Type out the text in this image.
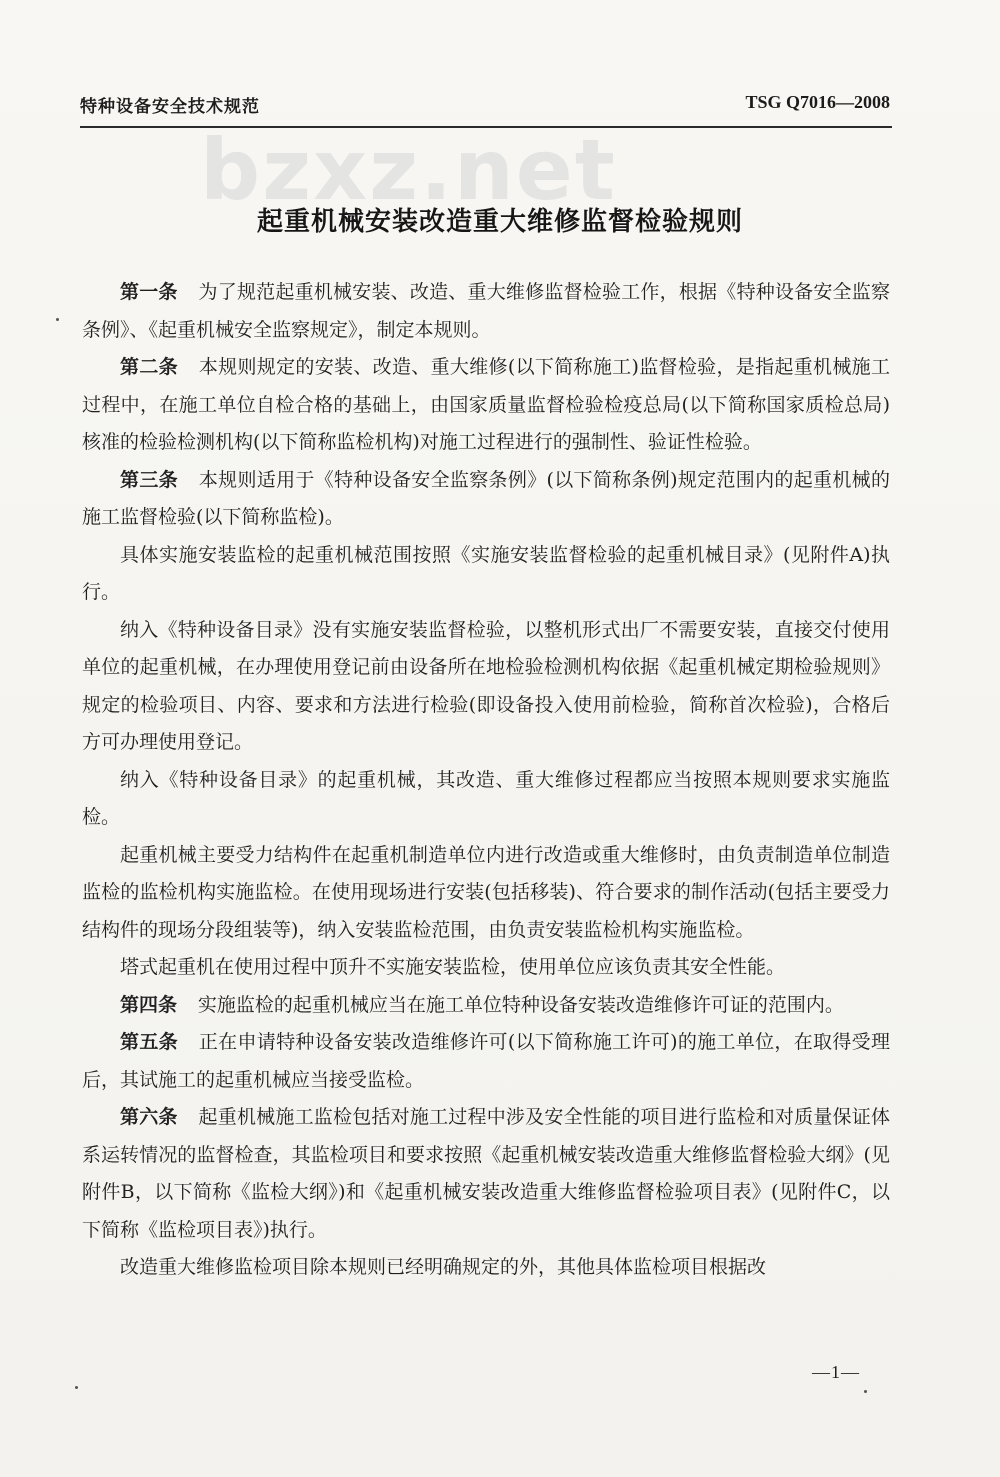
特种设备安全技术规范	TSG Q7016—2008
bzxz.net
起重机械安装改造重大维修监督检验规则

第一条 为了规范起重机械安装、改造、重大维修监督检验工作，根据《特种设备安全监察条例》、《起重机械安全监察规定》，制定本规则。

第二条 本规则规定的安装、改造、重大维修(以下简称施工)监督检验，是指起重机械施工过程中，在施工单位自检合格的基础上，由国家质量监督检验检疫总局(以下简称国家质检总局)核准的检验检测机构(以下简称监检机构)对施工过程进行的强制性、验证性检验。

第三条 本规则适用于《特种设备安全监察条例》(以下简称条例)规定范围内的起重机械的施工监督检验(以下简称监检)。

具体实施安装监检的起重机械范围按照《实施安装监督检验的起重机械目录》(见附件A)执行。

纳入《特种设备目录》没有实施安装监督检验，以整机形式出厂不需要安装，直接交付使用单位的起重机械，在办理使用登记前由设备所在地检验检测机构依据《起重机械定期检验规则》规定的检验项目、内容、要求和方法进行检验(即设备投入使用前检验，简称首次检验)，合格后方可办理使用登记。

纳入《特种设备目录》的起重机械，其改造、重大维修过程都应当按照本规则要求实施监检。

起重机械主要受力结构件在起重机制造单位内进行改造或重大维修时，由负责制造单位制造监检的监检机构实施监检。在使用现场进行安装(包括移装)、符合要求的制作活动(包括主要受力结构件的现场分段组装等)，纳入安装监检范围，由负责安装监检机构实施监检。

塔式起重机在使用过程中顶升不实施安装监检，使用单位应该负责其安全性能。

第四条 实施监检的起重机械应当在施工单位特种设备安装改造维修许可证的范围内。

第五条 正在申请特种设备安装改造维修许可(以下简称施工许可)的施工单位，在取得受理后，其试施工的起重机械应当接受监检。

第六条 起重机械施工监检包括对施工过程中涉及安全性能的项目进行监检和对质量保证体系运转情况的监督检查，其监检项目和要求按照《起重机械安装改造重大维修监督检验大纲》(见附件B，以下简称《监检大纲》)和《起重机械安装改造重大维修监督检验项目表》(见附件C，以下简称《监检项目表》)执行。

改造重大维修监检项目除本规则已经明确规定的外，其他具体监检项目根据改

—1—
